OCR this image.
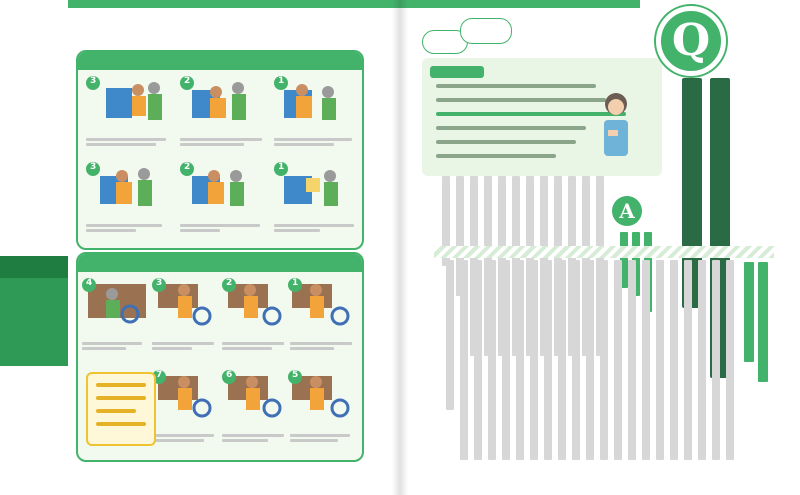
3	2	1
3	2	1
4	3	2	1
7	6	5
Q
A
